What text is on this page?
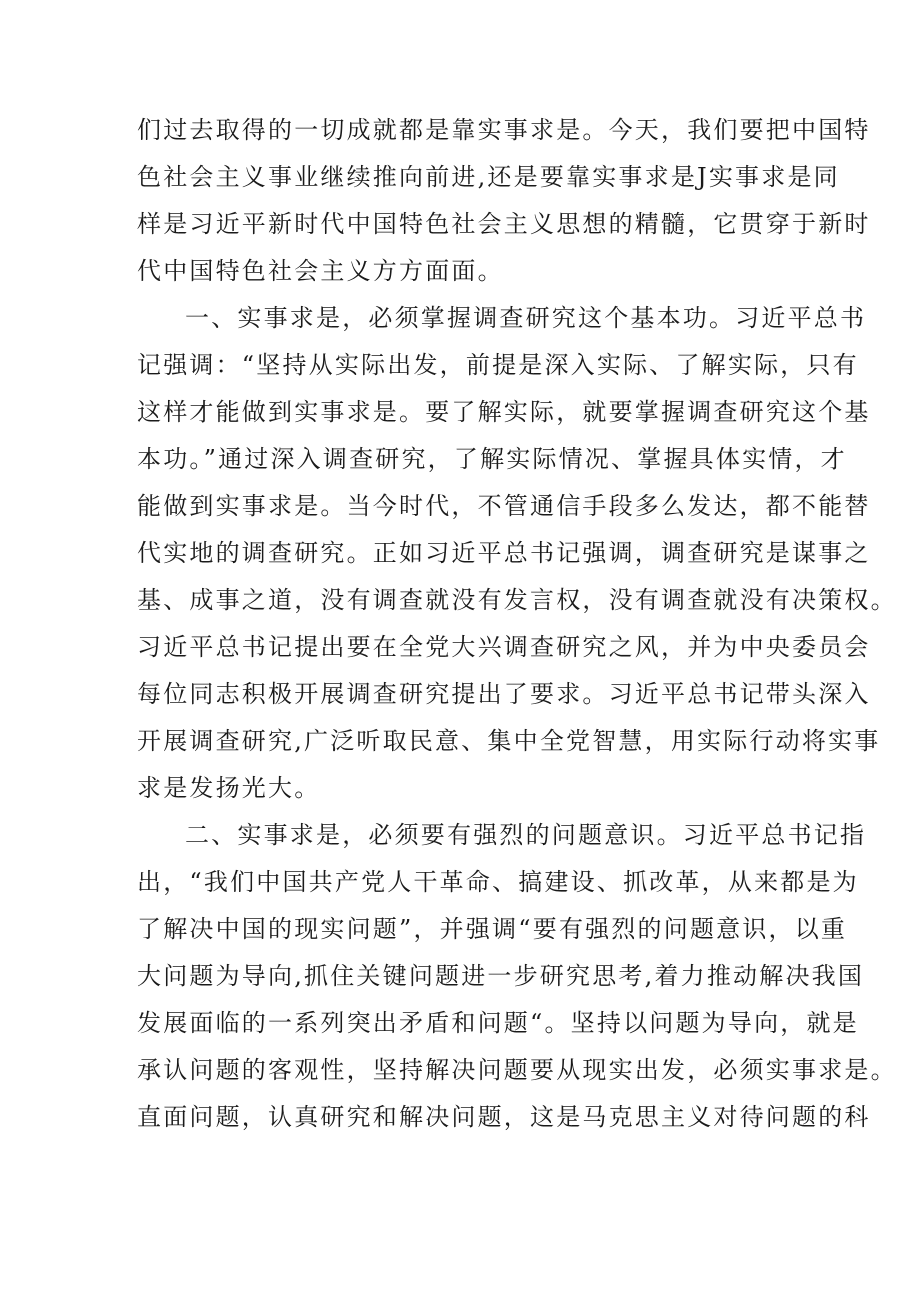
们过去取得的一切成就都是靠实事求是。今天，我们要把中国特
色社会主义事业继续推向前进,还是要靠实事求是J实事求是同
样是习近平新时代中国特色社会主义思想的精髓，它贯穿于新时
代中国特色社会主义方方面面。
一、实事求是，必须掌握调查研究这个基本功。习近平总书
记强调：“坚持从实际出发，前提是深入实际、了解实际，只有
这样才能做到实事求是。要了解实际，就要掌握调查研究这个基
本功。”通过深入调查研究，了解实际情况、掌握具体实情，才
能做到实事求是。当今时代，不管通信手段多么发达，都不能替
代实地的调查研究。正如习近平总书记强调，调查研究是谋事之
基、成事之道，没有调查就没有发言权，没有调查就没有决策权。
习近平总书记提出要在全党大兴调查研究之风，并为中央委员会
每位同志积极开展调查研究提出了要求。习近平总书记带头深入
开展调查研究,广泛听取民意、集中全党智慧，用实际行动将实事
求是发扬光大。
二、实事求是，必须要有强烈的问题意识。习近平总书记指
出，“我们中国共产党人干革命、搞建设、抓改革，从来都是为
了解决中国的现实问题”，并强调“要有强烈的问题意识，以重
大问题为导向,抓住关键问题进一步研究思考,着力推动解决我国
发展面临的一系列突出矛盾和问题“。坚持以问题为导向，就是
承认问题的客观性，坚持解决问题要从现实出发，必须实事求是。
直面问题，认真研究和解决问题，这是马克思主义对待问题的科
